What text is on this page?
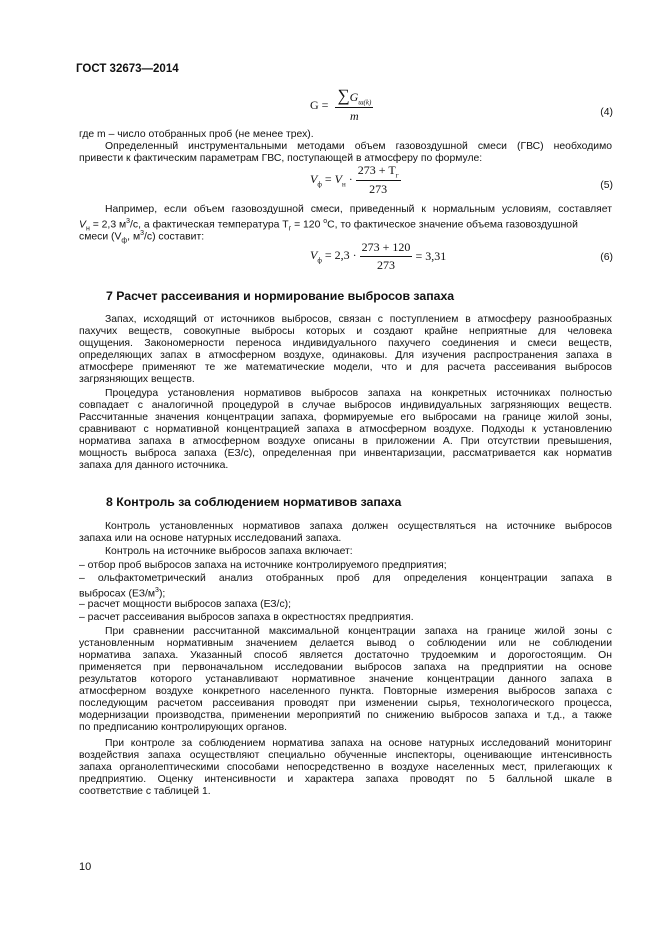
ГОСТ 32673—2014
$G = \frac{\sum G_{ш(k)}}{m}$	(4)
где m – число отобранных проб (не менее трех).
Определенный инструментальными методами объем газовоздушной смеси (ГВС) необходимо
привести к фактическим параметрам ГВС, поступающей в атмосферу по формуле:
$V_ф = V_н \cdot \frac{273 + T_г}{273}$	(5)
Например, если объем газовоздушной смеси, приведенный к нормальным условиям, составляет
$V_н = 2,3$ $м^3/с$, а фактическая температура $Т_г = 120$ $^о$С, то фактическое значение объема газовоздушной
смеси ($V_ф$, $м^3/с$) составит:
$V_ф = 2,3 \cdot \frac{273 + 120}{273} = 3,31$	(6)
7 Расчет рассеивания и нормирование выбросов запаха
Запах, исходящий от источников выбросов, связан с поступлением в атмосферу разнообразных
пахучих веществ, совокупные выбросы которых и создают крайне неприятные для человека
ощущения. Закономерности переноса индивидуального пахучего соединения и смеси веществ,
определяющих запах в атмосферном воздухе, одинаковы. Для изучения распространения запаха в
атмосфере применяют те же математические модели, что и для расчета рассеивания выбросов
загрязняющих веществ.
Процедура установления нормативов выбросов запаха на конкретных источниках полностью
совпадает с аналогичной процедурой в случае выбросов индивидуальных загрязняющих веществ.
Рассчитанные значения концентрации запаха, формируемые его выбросами на границе жилой зоны,
сравнивают с нормативной концентрацией запаха в атмосферном воздухе. Подходы к установлению
норматива запаха в атмосферном воздухе описаны в приложении А. При отсутствии превышения,
мощность выброса запаха (ЕЗ/с), определенная при инвентаризации, рассматривается как норматив
запаха для данного источника.
8 Контроль за соблюдением нормативов запаха
Контроль установленных нормативов запаха должен осуществляться на источнике выбросов
запаха или на основе натурных исследований запаха.
Контроль на источнике выбросов запаха включает:
– отбор проб выбросов запаха на источнике контролируемого предприятия;
– ольфактометрический анализ отобранных проб для определения концентрации запаха в
выбросах $(ЕЗ/м^3)$;
– расчет мощности выбросов запаха (ЕЗ/с);
– расчет рассеивания выбросов запаха в окрестностях предприятия.
При сравнении рассчитанной максимальной концентрации запаха на границе жилой зоны с
установленным нормативным значением делается вывод о соблюдении или не соблюдении
норматива запаха. Указанный способ является достаточно трудоемким и дорогостоящим. Он
применяется при первоначальном исследовании выбросов запаха на предприятии на основе
результатов которого устанавливают нормативное значение концентрации данного запаха в
атмосферном воздухе конкретного населенного пункта. Повторные измерения выбросов запаха с
последующим расчетом рассеивания проводят при изменении сырья, технологического процесса,
модернизации производства, применении мероприятий по снижению выбросов запаха и т.д., а также
по предписанию контролирующих органов.
При контроле за соблюдением норматива запаха на основе натурных исследований мониторинг
воздействия запаха осуществляют специально обученные инспекторы, оценивающие интенсивность
запаха органолептическими способами непосредственно в воздухе населенных мест, прилегающих к
предприятию. Оценку интенсивности и характера запаха проводят по 5 балльной шкале в
соответствие с таблицей 1.
10
